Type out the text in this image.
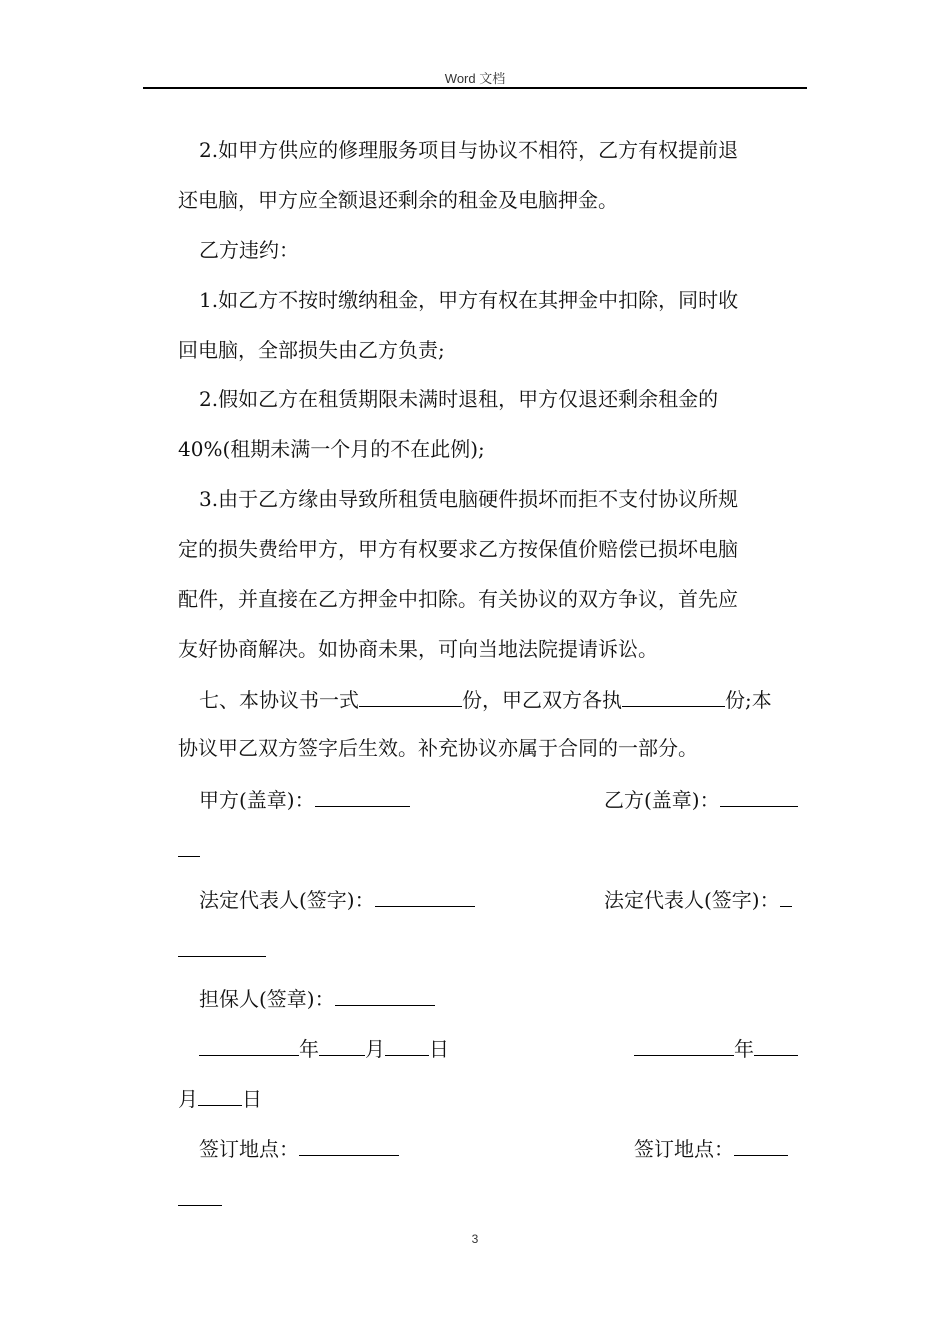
Word 文档
2.如甲方供应的修理服务项目与协议不相符，乙方有权提前退
还电脑，甲方应全额退还剩余的租金及电脑押金。
乙方违约：
1.如乙方不按时缴纳租金，甲方有权在其押金中扣除，同时收
回电脑，全部损失由乙方负责;
2.假如乙方在租赁期限未满时退租，甲方仅退还剩余租金的
40%(租期未满一个月的不在此例);
3.由于乙方缘由导致所租赁电脑硬件损坏而拒不支付协议所规
定的损失费给甲方，甲方有权要求乙方按保值价赔偿已损坏电脑
配件，并直接在乙方押金中扣除。有关协议的双方争议，首先应
友好协商解决。如协商未果，可向当地法院提请诉讼。
七、本协议书一式	份，甲乙双方各执	份;本
协议甲乙双方签字后生效。补充协议亦属于合同的一部分。
甲方(盖章)：	乙方(盖章)：
法定代表人(签字)：	法定代表人(签字)：
担保人(签章)：
年 月 日	年
月 日
签订地点：	签订地点：
3
